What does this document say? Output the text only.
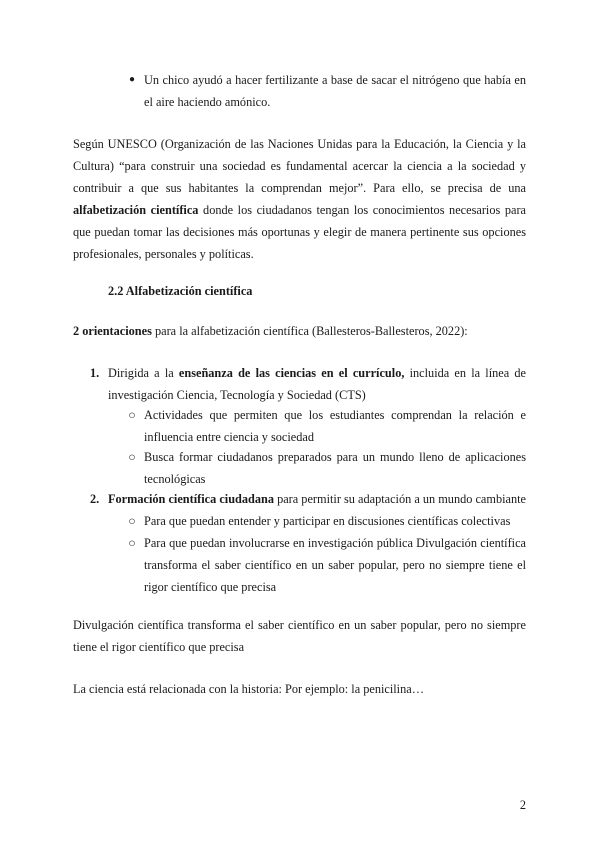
● Un chico ayudó a hacer fertilizante a base de sacar el nitrógeno que había en el aire haciendo amónico.
Según UNESCO (Organización de las Naciones Unidas para la Educación, la Ciencia y la Cultura) “para construir una sociedad es fundamental acercar la ciencia a la sociedad y contribuir a que sus habitantes la comprendan mejor”. Para ello, se precisa de una alfabetización científica donde los ciudadanos tengan los conocimientos necesarios para que puedan tomar las decisiones más oportunas y elegir de manera pertinente sus opciones profesionales, personales y políticas.
2.2 Alfabetización científica
2 orientaciones para la alfabetización científica (Ballesteros-Ballesteros, 2022):
1. Dirigida a la enseñanza de las ciencias en el currículo, incluida en la línea de investigación Ciencia, Tecnología y Sociedad (CTS)
○ Actividades que permiten que los estudiantes comprendan la relación e influencia entre ciencia y sociedad
○ Busca formar ciudadanos preparados para un mundo lleno de aplicaciones tecnológicas
2. Formación científica ciudadana para permitir su adaptación a un mundo cambiante
○ Para que puedan entender y participar en discusiones científicas colectivas
○ Para que puedan involucrarse en investigación pública Divulgación científica transforma el saber científico en un saber popular, pero no siempre tiene el rigor científico que precisa
Divulgación científica transforma el saber científico en un saber popular, pero no siempre tiene el rigor científico que precisa
La ciencia está relacionada con la historia: Por ejemplo: la penicilina…
2
